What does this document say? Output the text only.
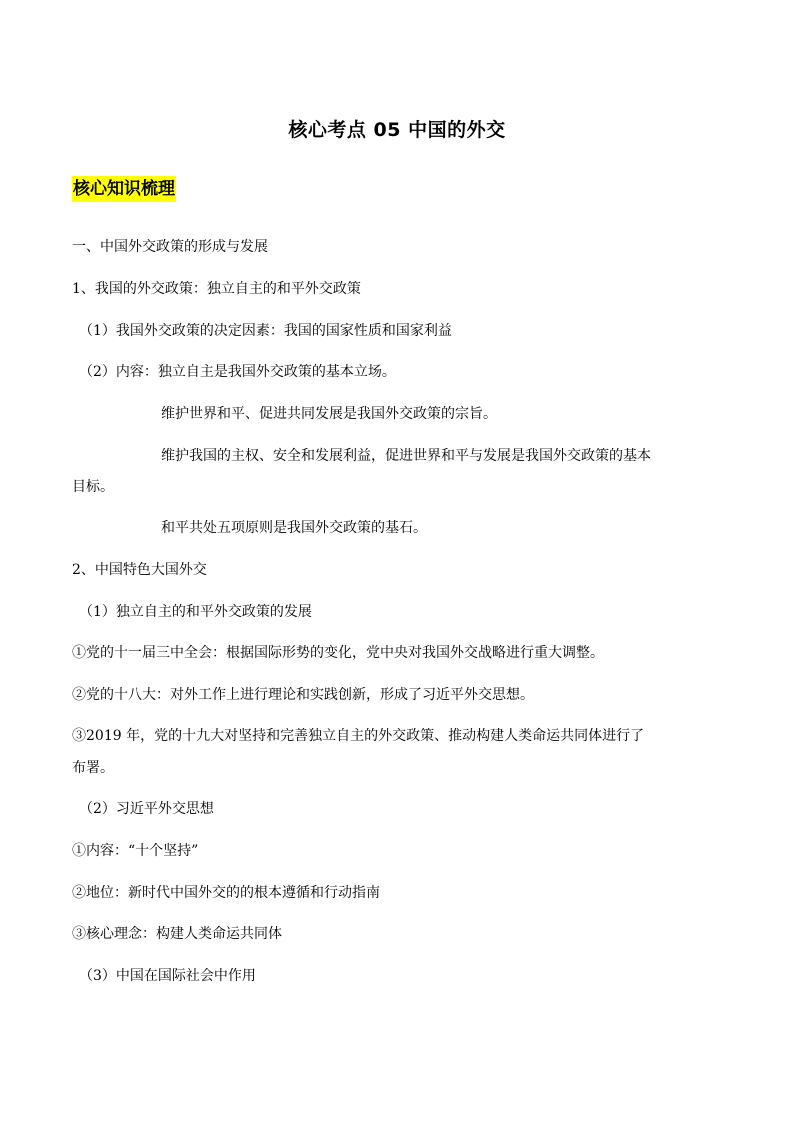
核心考点 05 中国的外交
核心知识梳理
一、中国外交政策的形成与发展
1、我国的外交政策：独立自主的和平外交政策
（1）我国外交政策的决定因素：我国的国家性质和国家利益
（2）内容：独立自主是我国外交政策的基本立场。
维护世界和平、促进共同发展是我国外交政策的宗旨。
维护我国的主权、安全和发展利益，促进世界和平与发展是我国外交政策的基本
目标。
和平共处五项原则是我国外交政策的基石。
2、中国特色大国外交
（1）独立自主的和平外交政策的发展
①党的十一届三中全会：根据国际形势的变化，党中央对我国外交战略进行重大调整。
②党的十八大：对外工作上进行理论和实践创新，形成了习近平外交思想。
③2019 年，党的十九大对坚持和完善独立自主的外交政策、推动构建人类命运共同体进行了
布署。
（2）习近平外交思想
①内容：“十个坚持”
②地位：新时代中国外交的的根本遵循和行动指南
③核心理念：构建人类命运共同体
（3）中国在国际社会中作用
